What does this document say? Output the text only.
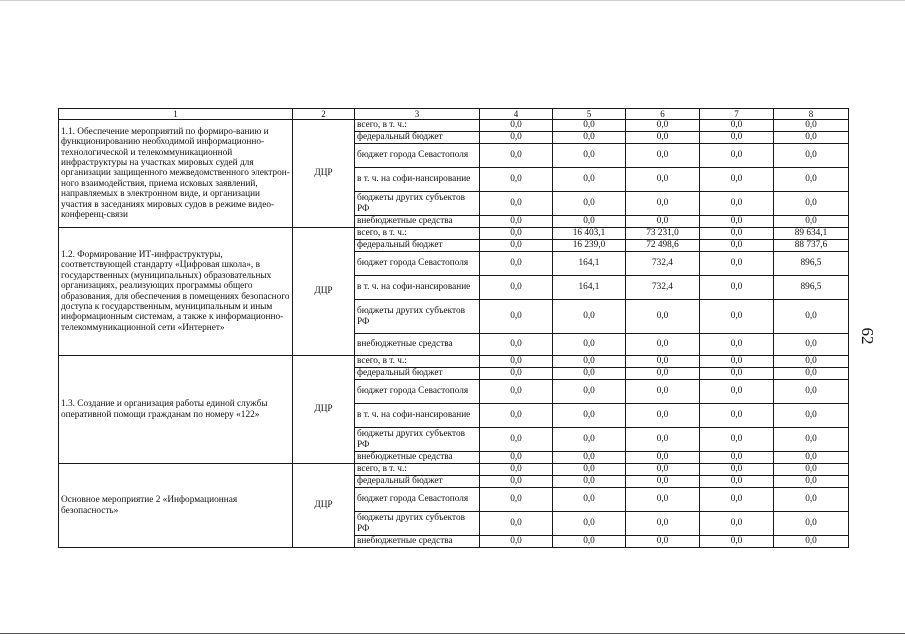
1	2	3	4	5	6	7	8
1.1. Обеспечение мероприятий по формиро-ванию и функционированию необходимой информационно-технологической и телекоммуникационной инфраструктуры на участках мировых судей для организации защищенного межведомственного электрон-ного взаимодействия, приема исковых заявлений, направляемых в электронном виде, и организации участия в заседаниях мировых судов в режиме видео-конференц-связи	ДЦР	всего, в т. ч.:	0,0	0,0	0,0	0,0	0,0
		федеральный бюджет	0,0	0,0	0,0	0,0	0,0
		бюджет города Севастополя	0,0	0,0	0,0	0,0	0,0
		в т. ч. на софи-нансирование	0,0	0,0	0,0	0,0	0,0
		бюджеты других субъектов РФ	0,0	0,0	0,0	0,0	0,0
		внебюджетные средства	0,0	0,0	0,0	0,0	0,0
1.2. Формирование ИТ-инфраструктуры, соответствующей стандарту «Цифровая школа», в государственных (муниципальных) образовательных организациях, реализующих программы общего образования, для обеспечения в помещениях безопасного доступа к государственным, муниципальным и иным информационным системам, а также к информационно-телекоммуникационной сети «Интернет»	ДЦР	всего, в т. ч.:	0,0	16 403,1	73 231,0	0,0	89 634,1
		федеральный бюджет	0,0	16 239,0	72 498,6	0,0	88 737,6
		бюджет города Севастополя	0,0	164,1	732,4	0,0	896,5
		в т. ч. на софи-нансирование	0,0	164,1	732,4	0,0	896,5
		бюджеты других субъектов РФ	0,0	0,0	0,0	0,0	0,0
		внебюджетные средства	0,0	0,0	0,0	0,0	0,0
1.3. Создание и организация работы единой службы оперативной помощи гражданам по номеру «122»	ДЦР	всего, в т. ч.:	0,0	0,0	0,0	0,0	0,0
		федеральный бюджет	0,0	0,0	0,0	0,0	0,0
		бюджет города Севастополя	0,0	0,0	0,0	0,0	0,0
		в т. ч. на софи-нансирование	0,0	0,0	0,0	0,0	0,0
		бюджеты других субъектов РФ	0,0	0,0	0,0	0,0	0,0
		внебюджетные средства	0,0	0,0	0,0	0,0	0,0
Основное мероприятие 2 «Информационная безопасность»	ДЦР	всего, в т. ч.:	0,0	0,0	0,0	0,0	0,0
		федеральный бюджет	0,0	0,0	0,0	0,0	0,0
		бюджет города Севастополя	0,0	0,0	0,0	0,0	0,0
		бюджеты других субъектов РФ	0,0	0,0	0,0	0,0	0,0
		внебюджетные средства	0,0	0,0	0,0	0,0	0,0
62
